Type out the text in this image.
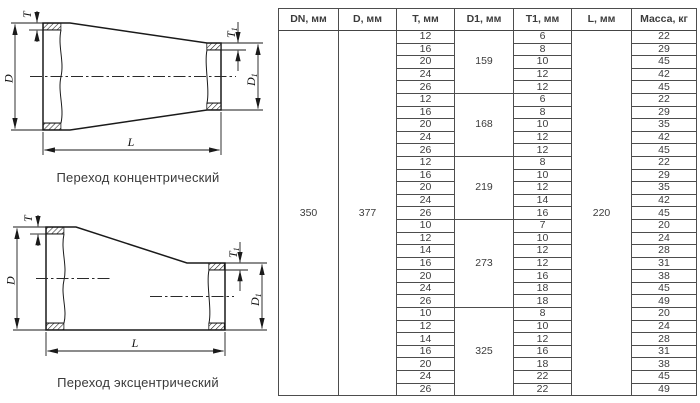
D
T
T1
D1
L
D
T
T1
D1
L
Переход концентрический
Переход эксцентрический
DN, мм	D, мм	T, мм	D1, мм	T1, мм	L, мм	Масса, кг
350	377	12	159	6	220	22
		16		8		29
		20		10		45
		24		12		42
		26		12		45
		12	168	6		22
		16		8		29
		20		10		35
		24		12		42
		26		12		45
		12	219	8		22
		16		10		29
		20		12		35
		24		14		42
		26		16		45
		10	273	7		20
		12		10		24
		14		12		28
		16		12		31
		20		16		38
		24		18		45
		26		18		49
		10	325	8		20
		12		10		24
		14		12		28
		16		16		31
		20		18		38
		24		22		45
		26		22		49
